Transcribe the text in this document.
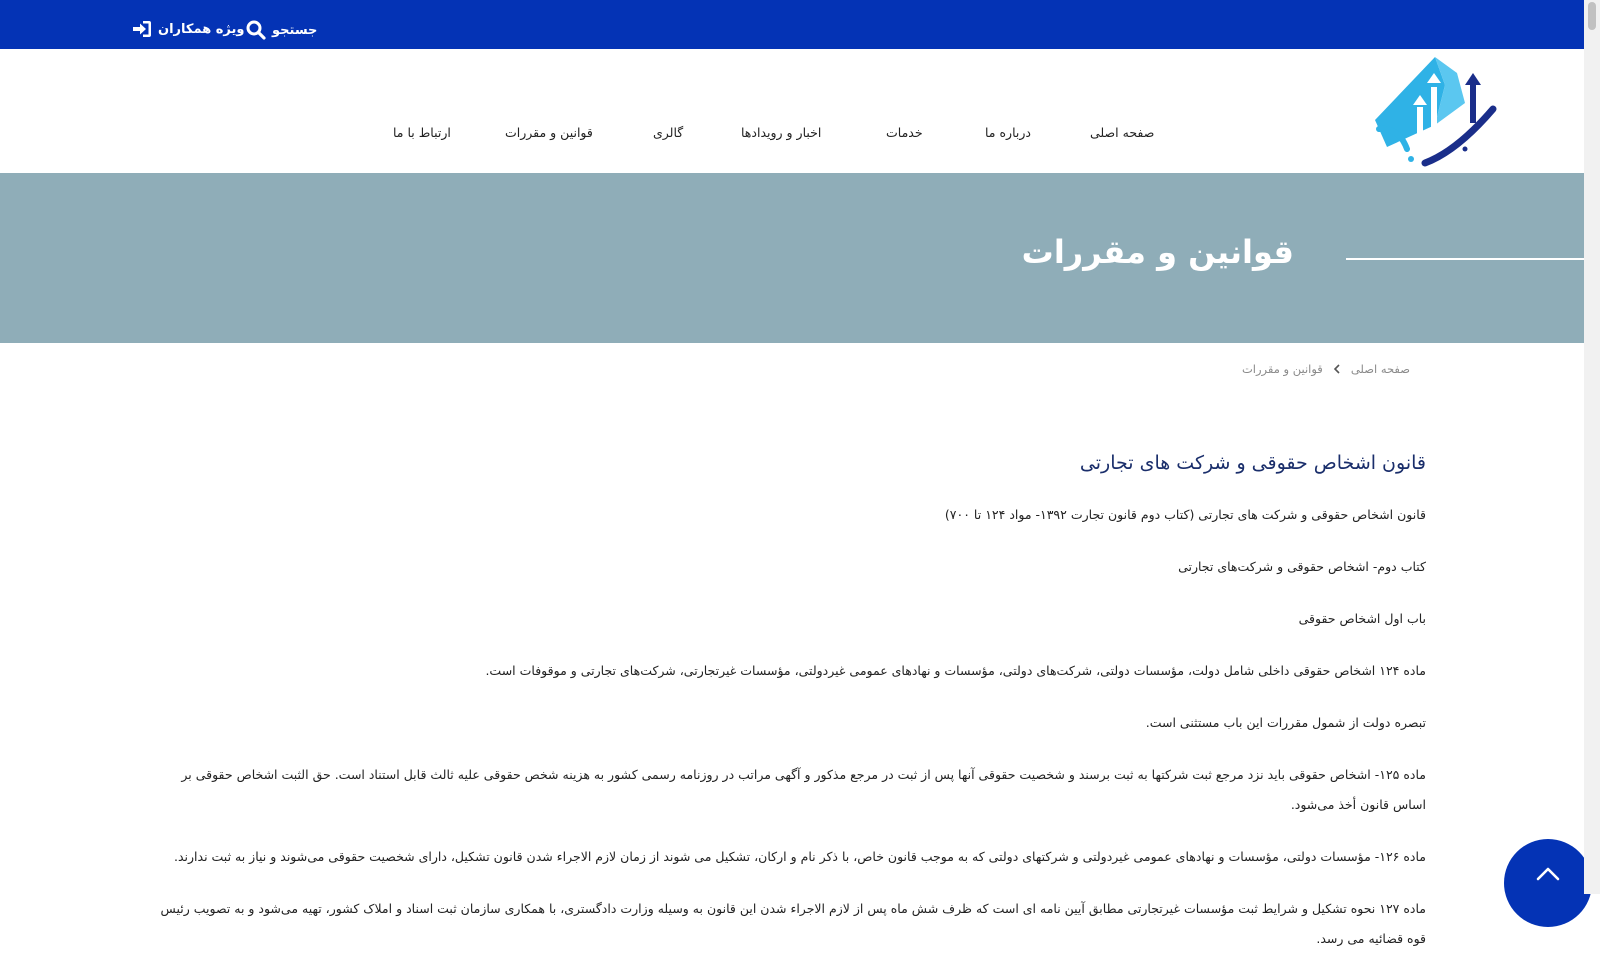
ویژه همکاران جستجو
صفحه اصلی
درباره ما
خدمات
اخبار و رویدادها
گالری
قوانین و مقررات
ارتباط با ما
قوانین و مقررات
صفحه اصلی
قوانین و مقررات
قانون اشخاص حقوقی و شرکت های تجارتی

قانون اشخاص حقوقی و شرکت های تجارتی (کتاب دوم قانون تجارت ۱۳۹۲- مواد ۱۲۴ تا ۷۰۰)

کتاب دوم- اشخاص حقوقی و شرکت‌های تجارتی

باب اول اشخاص حقوقی

ماده ۱۲۴ اشخاص حقوقی داخلی شامل دولت، مؤسسات دولتی، شرکت‌های دولتی، مؤسسات و نهادهای عمومی غیردولتی، مؤسسات غیرتجارتی، شرکت‌های تجارتی و موقوفات است.

تبصره دولت از شمول مقررات این باب مستثنی است.

ماده ۱۲۵- اشخاص حقوقی باید نزد مرجع ثبت شرکتها به ثبت برسند و شخصیت حقوقی آنها پس از ثبت در مرجع مذکور و آگهی مراتب در روزنامه رسمی کشور به هزینه شخص حقوقی علیه ثالث قابل استناد است. حق الثبت اشخاص حقوقی بر اساس قانون أخذ می‌شود.

ماده ۱۲۶- مؤسسات دولتی، مؤسسات و نهادهای عمومی غیردولتی و شرکتهای دولتی که به موجب قانون خاص، با ذکر نام و ارکان، تشکیل می شوند از زمان لازم الاجراء شدن قانون تشکیل، دارای شخصیت حقوقی می‌شوند و نیاز به ثبت ندارند.

ماده ۱۲۷ نحوه تشکیل و شرایط ثبت مؤسسات غیرتجارتی مطابق آیین نامه ای است که ظرف شش ماه پس از لازم الاجراء شدن این قانون به وسیله وزارت دادگستری، با همکاری سازمان ثبت اسناد و املاک کشور، تهیه می‌شود و به تصویب رئیس قوه قضائیه می رسد.
